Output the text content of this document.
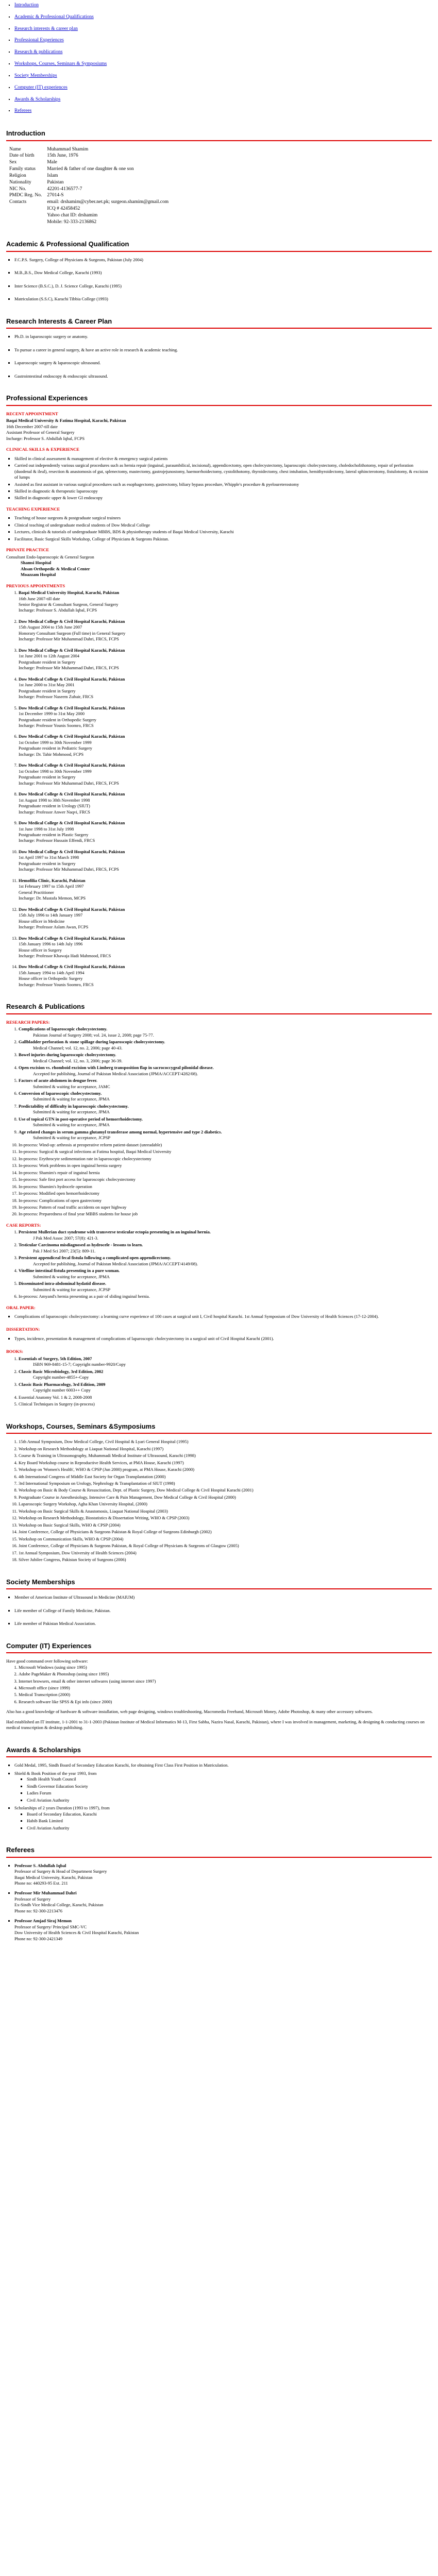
▪ Introduction
▪ Academic & Professional Qualifications
▪ Research interests & career plan
▪ Professional Experiences
▪ Research & publications
▪ Workshops, Courses, Seminars & Symposiums
▪ Society Memberships
▪ Computer (IT) experiences
▪ Awards & Scholarships
▪ Referees
Introduction
Name	Muhammad Shamim
Date of birth	15th June, 1976
Sex	Male
Family status	Married & father of one daughter & one son
Religion	Islam
Nationality	Pakistan
NIC No.	42201-4136577-7
PMDC Reg. No.	27014-S
Contacts	email: drshamim@cyber.net.pk; surgeon.shamim@gmail.com
	ICQ # 42458452
	Yahoo chat ID: drshamim
	Mobile: 92-333-2136862
Academic & Professional Qualification
▪ F.C.P.S. Surgery, College of Physicians & Surgeons, Pakistan (July 2004)
▪ M.B.,B.S., Dow Medical College, Karachi (1993)
▪ Inter Science (B.S.C.), D. J. Science College, Karachi (1995)
▪ Matriculation (S.S.C), Karachi Tibbia College (1993)
Research Interests & Career Plan
▪ Ph.D. in laparoscopic surgery or anatomy.
▪ To pursue a career in general surgery, & have an active role in research & academic teaching.
▪ Laparoscopic surgery & laparoscopic ultrasound.
▪ Gastrointestinal endoscopy & endoscopic ultrasound.
Professional Experiences
RECENT APPOINTMENT
Baqai Medical University & Fatima Hospital, Karachi, Pakistan
16th December 2007-till date
Assistant Professor of General Surgery
Incharge: Professor S. Abdullah Iqbal, FCPS
CLINICAL SKILLS & EXPERIENCE
▪ Skilled in clinical assessment & management of elective & emergency surgical patients
▪ Carried out independently various surgical procedures such as hernia repair (inguinal, paraumbilical, incisional), appendicectomy, open cholecystectomy, laparoscopic cholecystectomy, choledocholithotomy, repair of perforation (duodenal & ileal), resection & anastomosis of gut, splenectomy, mastectomy, gastrojejunostomy, haemorrhoidectomy, cystolithotomy, thyroidectomy, chest intubation, hemithyroidectomy, lateral sphincterotomy, fistulotomy, & excision of lumps
▪ Assisted as first assistant in various surgical procedures such as esophagectomy, gastrectomy, biliary bypass procedure, Whipple's procedure & pyeloureterostomy
▪ Skilled in diagnostic & therapeutic laparoscopy
▪ Skilled in diagnostic upper & lower GI endoscopy
TEACHING EXPERIENCE
▪ Teaching of house surgeons & postgraduate surgical trainees
▪ Clinical teaching of undergraduate medical students of Dow Medical College
▪ Lectures, clinicals & tutorials of undergraduate MBBS, BDS & physiotherapy students of Baqai Medical University, Karachi
▪ Facilitator, Basic Surgical Skills Workshop, College of Physicians & Surgeons Pakistan.
PRIVATE PRACTICE
Consultant Endo-laparoscopic & General Surgeon
Shamsi Hospital
Ahsan Orthopedic & Medical Center
Moazzam Hospital
PREVIOUS APPOINTMENTS
1. Baqai Medical University Hospital, Karachi, Pakistan
16th June 2007-till date
Senior Registrar & Consultant Surgeon, General Surgery
Incharge: Professor S. Abdullah Iqbal, FCPS
2. Dow Medical College & Civil Hospital Karachi, Pakistan
15th August 2004 to 15th June 2007
Honorary Consultant Surgeon (Full time) in General Surgery
Incharge: Professor Mir Muhammad Dahri, FRCS, FCPS
3. Dow Medical College & Civil Hospital Karachi, Pakistan
1st June 2001 to 12th August 2004
Postgraduate resident in Surgery
Incharge: Professor Mir Muhammad Dahri, FRCS, FCPS
4. Dow Medical College & Civil Hospital Karachi, Pakistan
1st June 2000 to 31st May 2001
Postgraduate resident in Surgery
Incharge: Professor Naseem Zubair, FRCS
5. Dow Medical College & Civil Hospital Karachi, Pakistan
1st December 1999 to 31st May 2000
Postgraduate resident in Orthopedic Surgery
Incharge: Professor Younis Soomro, FRCS
6. Dow Medical College & Civil Hospital Karachi, Pakistan
1st October 1999 to 30th November 1999
Postgraduate resident in Pediatric Surgery
Incharge: Dr. Tahir Mohmood, FCPS
7. Dow Medical College & Civil Hospital Karachi, Pakistan
1st October 1998 to 30th November 1999
Postgraduate resident in Surgery
Incharge: Professor Mir Muhammad Dahri, FRCS, FCPS
8. Dow Medical College & Civil Hospital Karachi, Pakistan
1st August 1998 to 30th November 1998
Postgraduate resident in Urology (SIUT)
Incharge: Professor Anwer Naqvi, FRCS
9. Dow Medical College & Civil Hospital Karachi, Pakistan
1st June 1998 to 31st July 1998
Postgraduate resident in Plastic Surgery
Incharge: Professor Hussain Effendi, FRCS
10. Dow Medical College & Civil Hospital Karachi, Pakistan
1st April 1997 to 31st March 1998
Postgraduate resident in Surgery
Incharge: Professor Mir Muhammad Dahri, FRCS, FCPS
11. Hemofilia Clinic, Karachi, Pakistan
1st February 1997 to 15th April 1997
General Practitioner
Incharge: Dr. Mustafa Memon, MCPS
12. Dow Medical College & Civil Hospital Karachi, Pakistan
15th July 1996 to 14th January 1997
House officer in Medicine
Incharge: Professor Aslam Awan, FCPS
13. Dow Medical College & Civil Hospital Karachi, Pakistan
15th January 1996 to 14th July 1996
House officer in Surgery
Incharge: Professor Khawaja Hadi Mahmood, FRCS
14. Dow Medical College & Civil Hospital Karachi, Pakistan
15th January 1994 to 14th April 1994
House officer in Orthopedic Surgery
Incharge: Professor Younis Soomro, FRCS
Research & Publications
RESEARCH PAPERS:
1. Complications of laparoscopic cholecystectomy.
Pakistan Journal of Surgery 2008; vol. 24, issue 2, 2008; page 75-77.
2. Gallbladder perforation & stone spillage during laparoscopic cholecystectomy.
Medical Channel; vol. 12, no. 2, 2006; page 40-43.
3. Bowel injuries during laparoscopic cholecystectomy.
Medical Channel; vol. 12, no. 3, 2006; page 36-39.
4. Open excision vs. rhomboid excision with Limberg transposition flap in sacrococcygeal pilonidal disease.
Accepted for publishing, Journal of Pakistan Medical Association (JPMA/ACCEPT/4282/08).
5. Factors of acute abdomen in dengue fever.
Submitted & waiting for acceptance, JAMC
6. Conversion of laparoscopic cholecystectomy.
Submitted & waiting for acceptance, JPMA
7. Predictability of difficulty in laparoscopic cholecystectomy.
Submitted & waiting for acceptance, JPMA
8. Use of topical GTN in post-operative period of hemorrhoidectomy.
Submitted & waiting for acceptance, JPMA
9. Age related changes in serum gamma glutamyl transferase among normal, hypertensive and type 2 diabetics.
Submitted & waiting for acceptance, JCPSP
10. In-process: Wind-up: arthrosis at preoperative reform patient-dataset (unreadable)
11. In-process: Surgical & surgical infections at Fatima hospital, Baqai Medical University
12. In-process: Erythrocyte sedimentation rate in laparoscopic cholecystectomy
13. In-process: Work problems in open inguinal hernia surgery
14. In-process: Shamim's repair of inguinal hernia
15. In-process: Safe first port access for laparoscopic cholecystectomy
16. In-process: Shamim's hydrocele operation
17. In-process: Modified open hemorrhoidectomy
18. In-process: Complications of open gastrectomy
19. In-process: Pattern of road traffic accidents on super highway
20. In-process: Preparedness of final year MBBS students for house job
CASE REPORTS:
1. Persistent Mullerian duct syndrome with transverse testicular ectopia presenting in an inguinal hernia.
J Pak Med Assoc 2007; 57(8): 421-3.
2. Testicular Carcinoma misdiagnosed as hydrocele - lessons to learn.
Pak J Med Sci 2007; 23(5): 809-11.
3. Persistent appendiceal fecal fistula following a complicated open appendicectomy.
Accepted for publishing, Journal of Pakistan Medical Association (JPMA/ACCEPT/4149/08).
4. Vitelline intestinal fistula presenting in a pure woman.
Submitted & waiting for acceptance, JPMA
5. Disseminated intra-abdominal hydatid disease.
Submitted & waiting for acceptance, JCPSP
6. In-process: Amyand's hernia presenting as a pair of sliding inguinal hernia.
ORAL PAPER:
▪ Complications of laparoscopic cholecystectomy: a learning curve experience of 100 cases at surgical unit I, Civil hospital Karachi. 1st Annual Symposium of Dow University of Health Sciences (17-12-2004).
DISSERTATION:
▪ Types, incidence, presentation & management of complications of laparoscopic cholecystectomy in a surgical unit of Civil Hospital Karachi (2001).
BOOKS:
1. Essentials of Surgery, 5th Edition, 2007
ISBN 969-8481-15-7; Copyright number-9920/Copy
2. Classic Basic Microbiology, 3rd Edition, 2002
Copyright number-4855+-Copy
3. Classic Basic Pharmacology, 3rd Edition, 2009
Copyright number 6003++ Copy
4. Essential Anatomy Vol. 1 & 2, 2008-2008
5. Clinical Techniques in Surgery (in-process)
Workshops, Courses, Seminars &Symposiums
1. 15th Annual Symposium, Dow Medical College, Civil Hospital & Lyari General Hospital (1995)
2. Workshop on Research Methodology at Liaquat National Hospital, Karachi (1997)
3. Course & Training in Ultrasonography, Muhammadi Medical Institute of Ultrasound, Karachi (1998)
4. Key Board Workshop course in Reproductive Health Services, at PMA House, Karachi (1997)
5. Workshop on 'Women's Health', WHO & CPSP (Jun 2000) program, at PMA House, Karachi (2000)
6. 4th International Congress of Middle East Society for Organ Transplantation (2000)
7. 3rd International Symposium on Urology, Nephrology & Transplantation of SIUT (1998)
8. Workshop on Basic & Body Course & Resuscitation, Dept. of Plastic Surgery, Dow Medical College & Civil Hospital Karachi (2001)
9. Postgraduate Course in Anesthesiology, Intensive Care & Pain Management, Dow Medical College & Civil Hospital (2000)
10. Laparoscopic Surgery Workshop, Agha Khan University Hospital, (2000)
11. Workshop on Basic Surgical Skills & Anastomosis, Liaquat National Hospital (2003)
12. Workshop on Research Methodology, Biostatistics & Dissertation Writing, WHO & CPSP (2003)
13. Workshop on Basic Surgical Skills, WHO & CPSP (2004)
14. Joint Conference, College of Physicians & Surgeons Pakistan & Royal College of Surgeons Edinburgh (2002)
15. Workshop on Communication Skills, WHO & CPSP (2004)
16. Joint Conference, College of Physicians & Surgeons Pakistan, & Royal College of Physicians & Surgeons of Glasgow (2005)
17. 1st Annual Symposium, Dow University of Health Sciences (2004)
18. Silver Jubilee Congress, Pakistan Society of Surgeons (2006)
Society Memberships
▪ Member of American Institute of Ultrasound in Medicine (MAIUM)
▪ Life member of College of Family Medicine, Pakistan.
▪ Life member of Pakistan Medical Association.
Computer (IT) Experiences
Have good command over following software:
1. Microsoft Windows (using since 1995)
2. Adobe PageMaker & Photoshop (using since 1995)
3. Internet browsers, email & other internet softwares (using internet since 1997)
4. Microsoft office (since 1999)
5. Medical Transcription (2000)
6. Research software like SPSS & Epi info (since 2000)

Also has a good knowledge of hardware & software installation, web page designing, windows troubleshooting, Macromedia Freehand, Microsoft Money, Adobe Photoshop, & many other accessory softwares.

Had established an IT institute, 1-1-2001 to 31-1-2003 (Pakistan Institute of Medical Informatics M-13, First Sabha, Nazira Nasal, Karachi, Pakistan), where I was involved in management, marketing, & designing & conducting courses on medical transcription & desktop publishing.

Awards & Scholarships
▪ Gold Medal, 1995, Sindh Board of Secondary Education Karachi, for obtaining First Class First Position in Matriculation.
▪ Shield & Book Position of the year 1993, from
▪ Sindh Health Youth Council
▪ Sindh Governor Education Society
▪ Ladies Forum
▪ Civil Aviation Authority
▪ Scholarships of 2 years Duration (1993 to 1997), from
▪ Board of Secondary Education, Karachi
▪ Habib Bank Limited
▪ Civil Aviation Authority
Referees
▪ Professor S. Abdullah Iqbal
Professor of Surgery & Head of Department Surgery
Baqai Medical University, Karachi, Pakistan
Phone no: 440293-95 Ext. 211
▪ Professor Mir Muhammad Dahri
Professor of Surgery
Ex-Sindh Vice Medical College, Karachi, Pakistan
Phone no: 92-300-2213476
▪ Professor Amjad Siraj Memon
Professor of Surgery/ Principal SMC-VC
Dow University of Health Sciences & Civil Hospital Karachi, Pakistan
Phone no: 92-300-2421349
